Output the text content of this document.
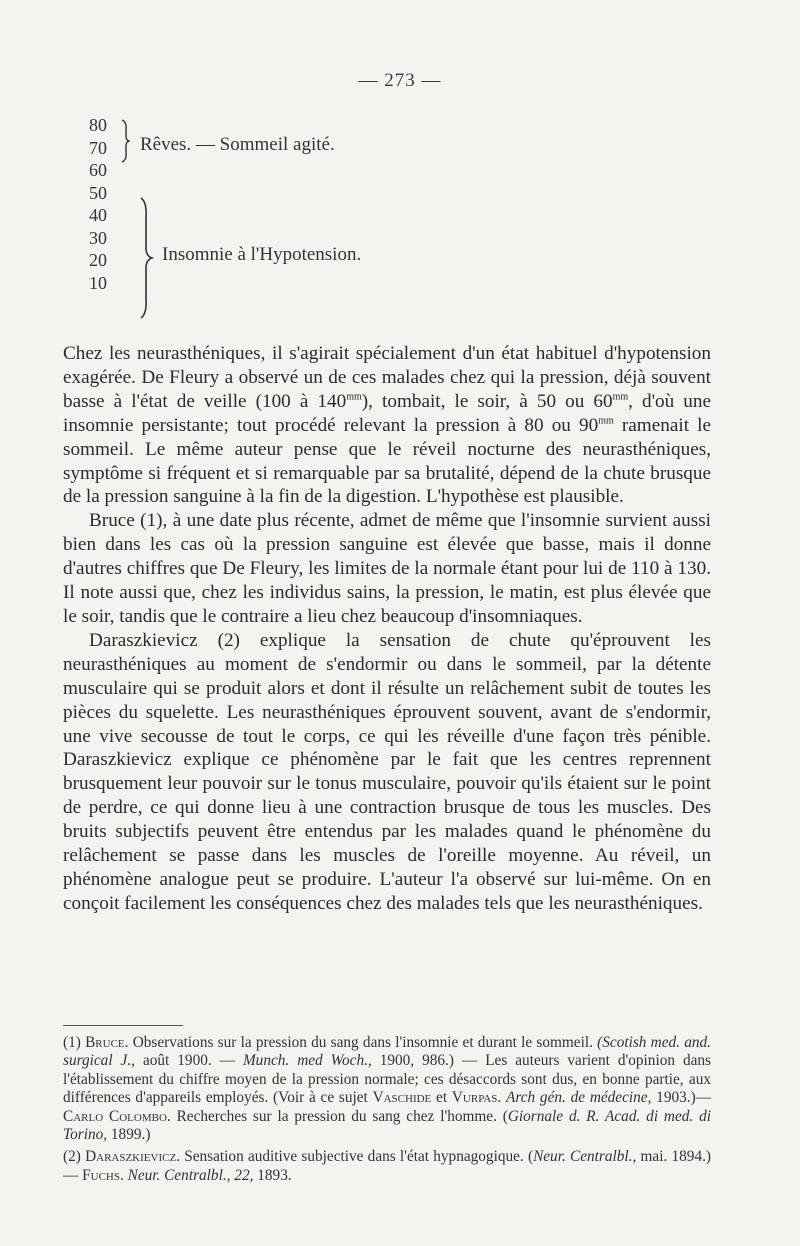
— 273 —
80
70
60
50
40
30
20
10
Rêves. — Sommeil agité.
Insomnie à l'Hypotension.

Chez les neurasthéniques, il s'agirait spécialement d'un état habituel d'hypotension exagérée. De Fleury a observé un de ces malades chez qui la pression, déjà souvent basse à l'état de veille (100 à $140^{mm}$), tombait, le soir, à 50 ou $60^{mm}$, d'où une insomnie persistante; tout procédé relevant la pression à 80 ou $90^{mm}$ ramenait le sommeil. Le même auteur pense que le réveil nocturne des neurasthéniques, symptôme si fréquent et si remarquable par sa brutalité, dépend de la chute brusque de la pression sanguine à la fin de la digestion. L'hypothèse est plausible.

Bruce (1), à une date plus récente, admet de même que l'insomnie survient aussi bien dans les cas où la pression sanguine est élevée que basse, mais il donne d'autres chiffres que De Fleury, les limites de la normale étant pour lui de 110 à 130. Il note aussi que, chez les individus sains, la pression, le matin, est plus élevée que le soir, tandis que le contraire a lieu chez beaucoup d'insomniaques.

Daraszkievicz (2) explique la sensation de chute qu'éprouvent les neurasthéniques au moment de s'endormir ou dans le sommeil, par la détente musculaire qui se produit alors et dont il résulte un relâchement subit de toutes les pièces du squelette. Les neurasthéniques éprouvent souvent, avant de s'endormir, une vive secousse de tout le corps, ce qui les réveille d'une façon très pénible. Daraszkievicz explique ce phénomène par le fait que les centres reprennent brusquement leur pouvoir sur le tonus musculaire, pouvoir qu'ils étaient sur le point de perdre, ce qui donne lieu à une contraction brusque de tous les muscles. Des bruits subjectifs peuvent être entendus par les malades quand le phénomène du relâchement se passe dans les muscles de l'oreille moyenne. Au réveil, un phénomène analogue peut se produire. L'auteur l'a observé sur lui-même. On en conçoit facilement les conséquences chez des malades tels que les neurasthéniques.

(1) Bruce. Observations sur la pression du sang dans l'insomnie et durant le sommeil. (Scotish med. and. surgical J., août 1900. — Munch. med Woch., 1900, 986.) — Les auteurs varient d'opinion dans l'établissement du chiffre moyen de la pression normale; ces désaccords sont dus, en bonne partie, aux différences d'appareils employés. (Voir à ce sujet Vaschide et Vurpas. Arch gén. de médecine, 1903.)— Carlo Colombo. Recherches sur la pression du sang chez l'homme. (Giornale d. R. Acad. di med. di Torino, 1899.)

(2) Daraszkievicz. Sensation auditive subjective dans l'état hypnagogique. (Neur. Centralbl., mai. 1894.) — Fuchs. Neur. Centralbl., 22, 1893.
